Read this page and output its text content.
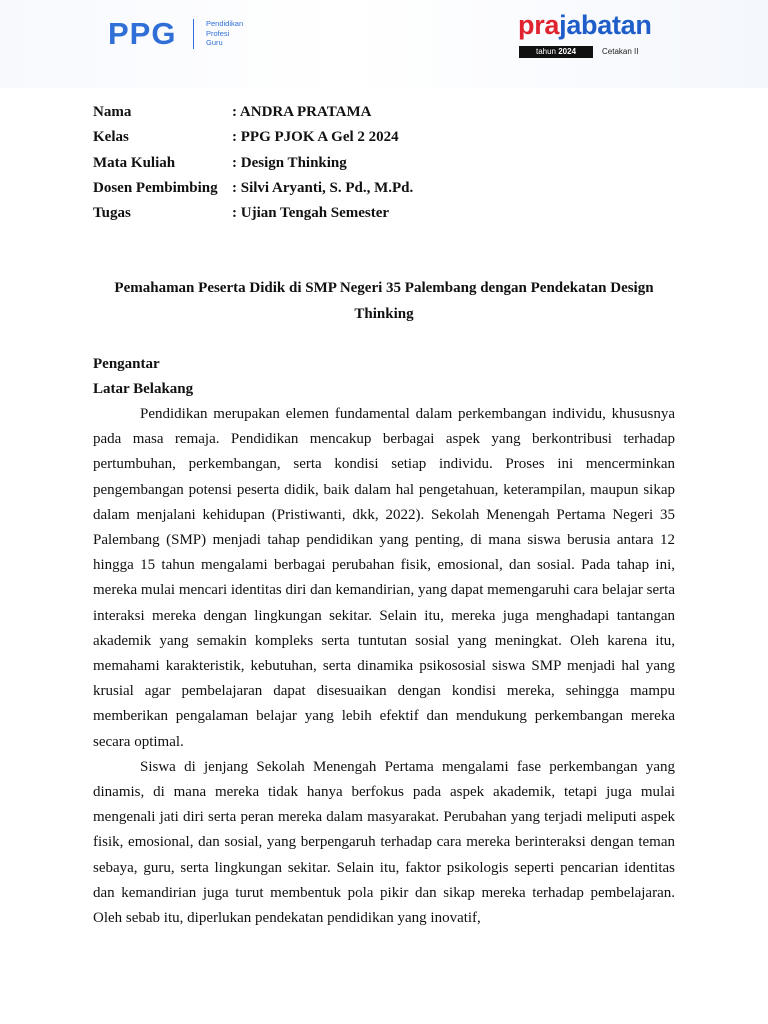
PPG	Pendidikan
Profesi
Guru
prajabatan
tahun 2024	Cetakan II
Nama	: ANDRA PRATAMA
Kelas	: PPG PJOK A Gel 2 2024
Mata Kuliah	: Design Thinking
Dosen Pembimbing : Silvi Aryanti, S. Pd., M.Pd.
Tugas	: Ujian Tengah Semester
Pemahaman Peserta Didik di SMP Negeri 35 Palembang dengan Pendekatan Design Thinking
Pengantar
Latar Belakang

Pendidikan merupakan elemen fundamental dalam perkembangan individu, khususnya pada masa remaja. Pendidikan mencakup berbagai aspek yang berkontribusi terhadap pertumbuhan, perkembangan, serta kondisi setiap individu. Proses ini mencerminkan pengembangan potensi peserta didik, baik dalam hal pengetahuan, keterampilan, maupun sikap dalam menjalani kehidupan (Pristiwanti, dkk, 2022). Sekolah Menengah Pertama Negeri 35 Palembang (SMP) menjadi tahap pendidikan yang penting, di mana siswa berusia antara 12 hingga 15 tahun mengalami berbagai perubahan fisik, emosional, dan sosial. Pada tahap ini, mereka mulai mencari identitas diri dan kemandirian, yang dapat memengaruhi cara belajar serta interaksi mereka dengan lingkungan sekitar. Selain itu, mereka juga menghadapi tantangan akademik yang semakin kompleks serta tuntutan sosial yang meningkat. Oleh karena itu, memahami karakteristik, kebutuhan, serta dinamika psikososial siswa SMP menjadi hal yang krusial agar pembelajaran dapat disesuaikan dengan kondisi mereka, sehingga mampu memberikan pengalaman belajar yang lebih efektif dan mendukung perkembangan mereka secara optimal.

Siswa di jenjang Sekolah Menengah Pertama mengalami fase perkembangan yang dinamis, di mana mereka tidak hanya berfokus pada aspek akademik, tetapi juga mulai mengenali jati diri serta peran mereka dalam masyarakat. Perubahan yang terjadi meliputi aspek fisik, emosional, dan sosial, yang berpengaruh terhadap cara mereka berinteraksi dengan teman sebaya, guru, serta lingkungan sekitar. Selain itu, faktor psikologis seperti pencarian identitas dan kemandirian juga turut membentuk pola pikir dan sikap mereka terhadap pembelajaran. Oleh sebab itu, diperlukan pendekatan pendidikan yang inovatif,
